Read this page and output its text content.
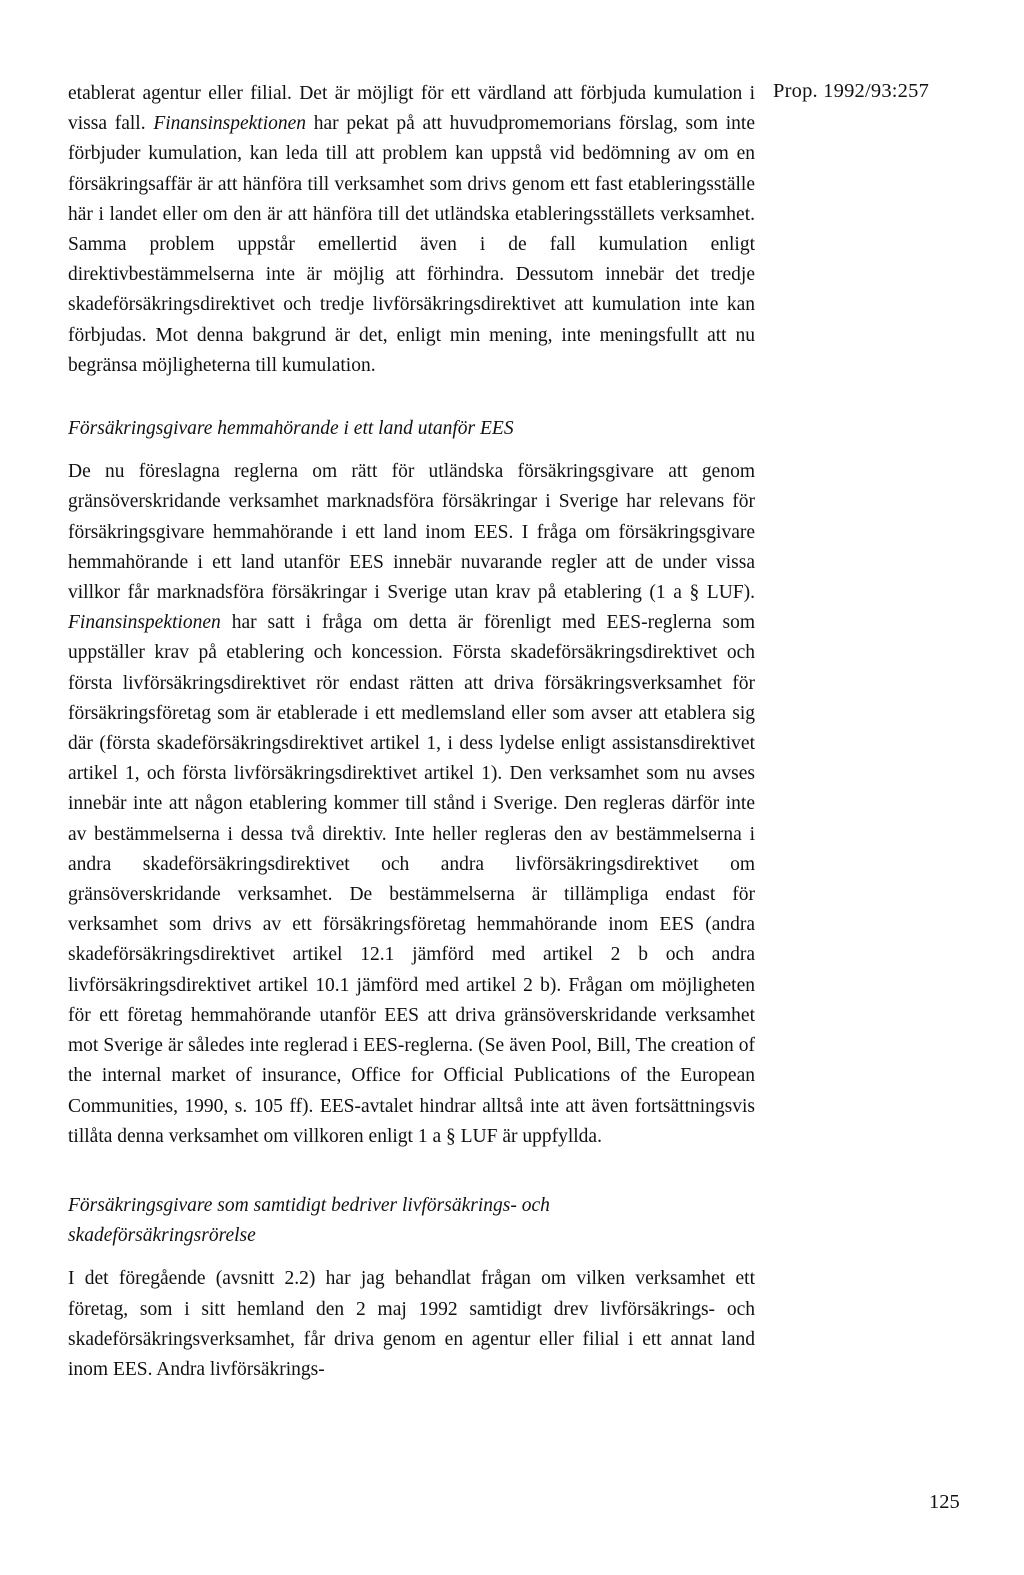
Prop. 1992/93:257

etablerat agentur eller filial. Det är möjligt för ett värdland att förbjuda kumulation i vissa fall. Finansinspektionen har pekat på att huvudpromemorians förslag, som inte förbjuder kumulation, kan leda till att problem kan uppstå vid bedömning av om en försäkringsaffär är att hänföra till verksamhet som drivs genom ett fast etableringsställe här i landet eller om den är att hänföra till det utländska etableringsställets verksamhet. Samma problem uppstår emellertid även i de fall kumulation enligt direktivbestämmelserna inte är möjlig att förhindra. Dessutom innebär det tredje skadeförsäkringsdirektivet och tredje livförsäkringsdirektivet att kumulation inte kan förbjudas. Mot denna bakgrund är det, enligt min mening, inte meningsfullt att nu begränsa möjligheterna till kumulation.

Försäkringsgivare hemmahörande i ett land utanför EES

De nu föreslagna reglerna om rätt för utländska försäkringsgivare att genom gränsöverskridande verksamhet marknadsföra försäkringar i Sverige har relevans för försäkringsgivare hemmahörande i ett land inom EES. I fråga om försäkringsgivare hemmahörande i ett land utanför EES innebär nuvarande regler att de under vissa villkor får marknadsföra försäkringar i Sverige utan krav på etablering (1 a § LUF). Finansinspektionen har satt i fråga om detta är förenligt med EES-reglerna som uppställer krav på etablering och koncession. Första skadeförsäkringsdirektivet och första livförsäkringsdirektivet rör endast rätten att driva försäkringsverksamhet för försäkringsföretag som är etablerade i ett medlemsland eller som avser att etablera sig där (första skadeförsäkringsdirektivet artikel 1, i dess lydelse enligt assistansdirektivet artikel 1, och första livförsäkringsdirektivet artikel 1). Den verksamhet som nu avses innebär inte att någon etablering kommer till stånd i Sverige. Den regleras därför inte av bestämmelserna i dessa två direktiv. Inte heller regleras den av bestämmelserna i andra skadeförsäkringsdirektivet och andra livförsäkringsdirektivet om gränsöverskridande verksamhet. De bestämmelserna är tillämpliga endast för verksamhet som drivs av ett försäkringsföretag hemmahörande inom EES (andra skadeförsäkringsdirektivet artikel 12.1 jämförd med artikel 2 b och andra livförsäkringsdirektivet artikel 10.1 jämförd med artikel 2 b). Frågan om möjligheten för ett företag hemmahörande utanför EES att driva gränsöverskridande verksamhet mot Sverige är således inte reglerad i EES-reglerna. (Se även Pool, Bill, The creation of the internal market of insurance, Office for Official Publications of the European Communities, 1990, s. 105 ff). EES-avtalet hindrar alltså inte att även fortsättningsvis tillåta denna verksamhet om villkoren enligt 1 a § LUF är uppfyllda.

Försäkringsgivare som samtidigt bedriver livförsäkrings- och
skadeförsäkringsrörelse

I det föregående (avsnitt 2.2) har jag behandlat frågan om vilken verksamhet ett företag, som i sitt hemland den 2 maj 1992 samtidigt drev livförsäkrings- och skadeförsäkringsverksamhet, får driva genom en agentur eller filial i ett annat land inom EES. Andra livförsäkrings-

125
